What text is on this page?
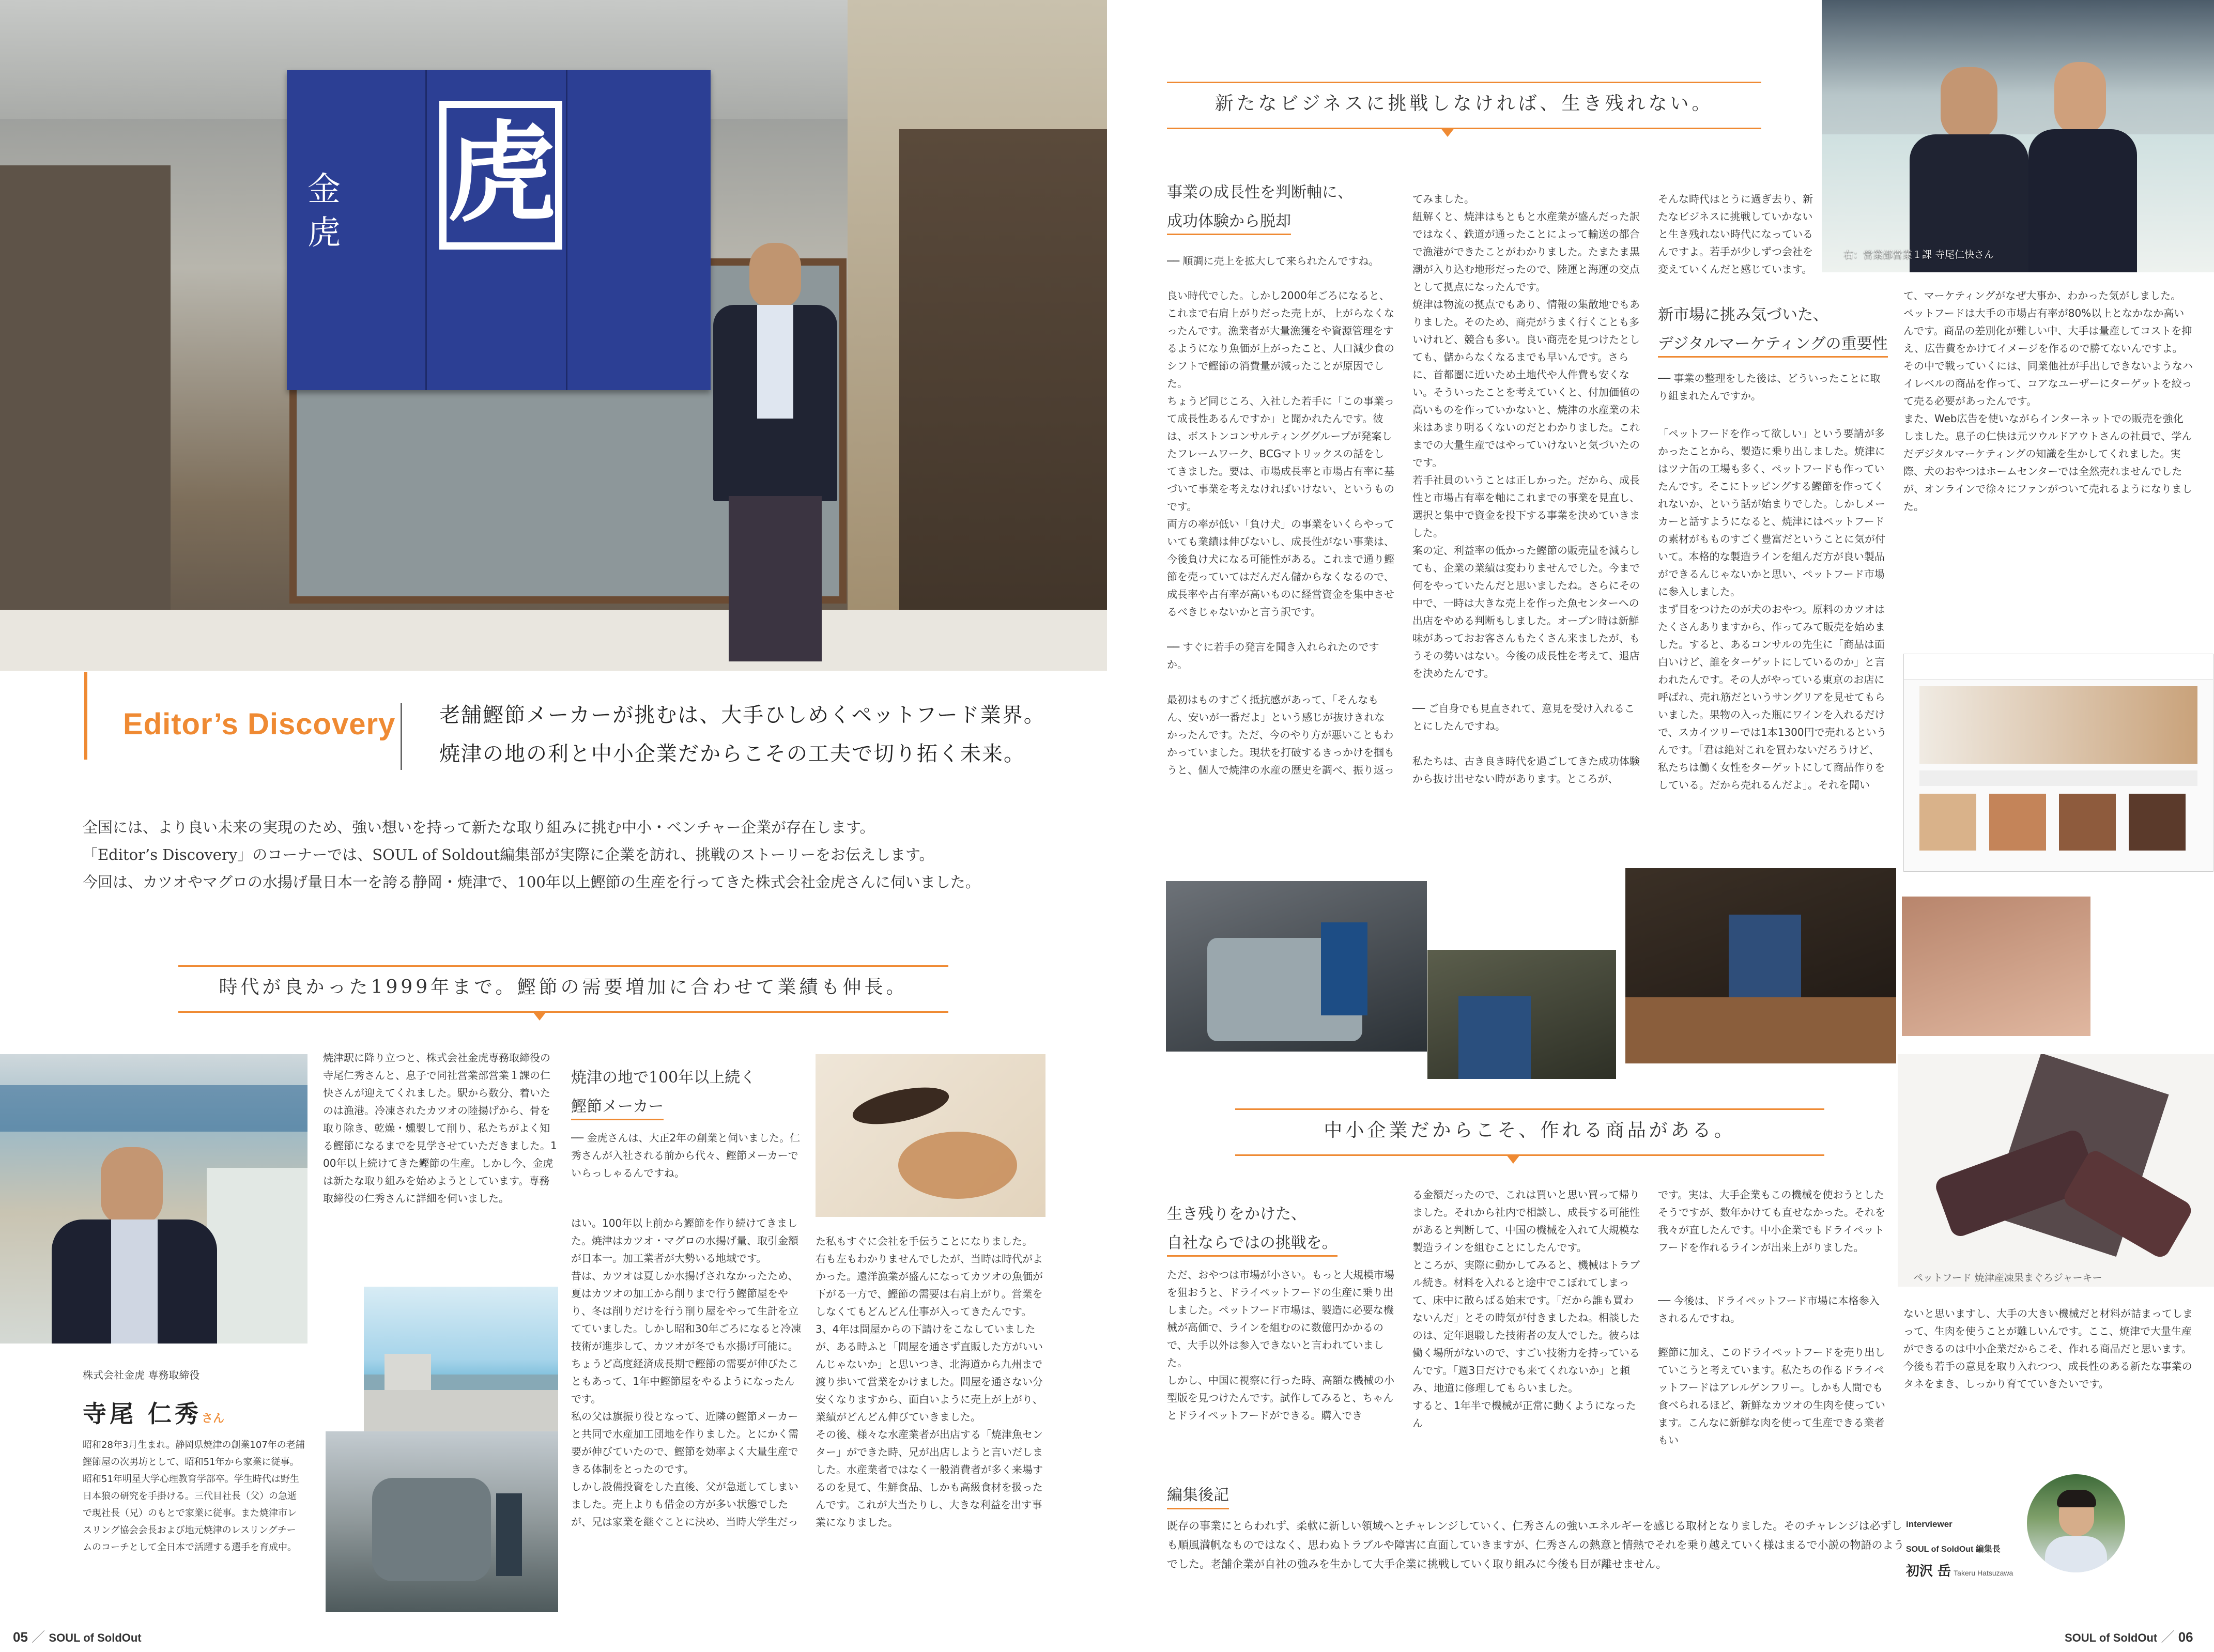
虎
金虎
Editor’s Discovery 老舗鰹節メーカーが挑むは、大手ひしめくペットフード業界。
焼津の地の利と中小企業だからこその工夫で切り拓く未来。
全国には、より良い未来の実現のため、強い想いを持って新たな取り組みに挑む中小・ベンチャー企業が存在します。
「Editor’s Discovery」のコーナーでは、SOUL of Soldout編集部が実際に企業を訪れ、挑戦のストーリーをお伝えします。
今回は、カツオやマグロの水揚げ量日本一を誇る静岡・焼津で、100年以上鰹節の生産を行ってきた株式会社金虎さんに伺いました。
時代が良かった1999年まで。鰹節の需要増加に合わせて業績も伸長。
株式会社金虎 専務取締役
寺尾 仁秀さん
昭和28年3月生まれ。静岡県焼津の創業107年の老舗鰹節屋の次男坊として、昭和51年から家業に従事。昭和51年明星大学心理教育学部卒。学生時代は野生日本狼の研究を手掛ける。三代目社長（父）の急逝で現社長（兄）のもとで家業に従事。また焼津市レスリング協会会長および地元焼津のレスリングチームのコーチとして全日本で活躍する選手を育成中。
焼津駅に降り立つと、株式会社金虎専務取締役の寺尾仁秀さんと、息子で同社営業部営業１課の仁快さんが迎えてくれました。駅から数分、着いたのは漁港。冷凍されたカツオの陸揚げから、骨を取り除き、乾燥・燻製して削り、私たちがよく知る鰹節になるまでを見学させていただきました。100年以上続けてきた鰹節の生産。しかし今、金虎は新たな取り組みを始めようとしています。専務取締役の仁秀さんに詳細を伺いました。
焼津の地で100年以上続く
鰹節メーカー
── 金虎さんは、大正2年の創業と伺いました。仁秀さんが入社される前から代々、鰹節メーカーでいらっしゃるんですね。
はい。100年以上前から鰹節を作り続けてきました。焼津はカツオ・マグロの水揚げ量、取引金額が日本一。加工業者が大勢いる地域です。
昔は、カツオは夏しか水揚げされなかったため、夏はカツオの加工から削りまで行う鰹節屋をやり、冬は削りだけを行う削り屋をやって生計を立てていました。しかし昭和30年ごろになると冷凍技術が進歩して、カツオが冬でも水揚げ可能に。ちょうど高度経済成長期で鰹節の需要が伸びたこともあって、1年中鰹節屋をやるようになったんです。
私の父は旗振り役となって、近隣の鰹節メーカーと共同で水産加工団地を作りました。とにかく需要が伸びていたので、鰹節を効率よく大量生産できる体制をとったのです。
しかし設備投資をした直後、父が急逝してしまいました。売上よりも借金の方が多い状態でしたが、兄は家業を継ぐことに決め、当時大学生だっ
た私もすぐに会社を手伝うことになりました。
右も左もわかりませんでしたが、当時は時代がよかった。遠洋漁業が盛んになってカツオの魚価が下がる一方で、鰹節の需要は右肩上がり。営業をしなくてもどんどん仕事が入ってきたんです。3、4年は問屋からの下請けをこなしていましたが、ある時ふと「問屋を通さず直販した方がいいんじゃないか」と思いつき、北海道から九州まで渡り歩いて営業をかけました。問屋を通さない分安くなりますから、面白いように売上が上がり、業績がどんどん伸びていきました。
その後、様々な水産業者が出店する「焼津魚センター」ができた時、兄が出店しようと言いだしました。水産業者ではなく一般消費者が多く来場するのを見て、生鮮食品、しかも高級食材を扱ったんです。これが大当たりし、大きな利益を出す事業になりました。
05 ／ SOUL of SoldOut
右：営業部営業１課 寺尾仁快さん
新たなビジネスに挑戦しなければ、生き残れない。
事業の成長性を判断軸に、
成功体験から脱却
── 順調に売上を拡大して来られたんですね。
良い時代でした。しかし2000年ごろになると、これまで右肩上がりだった売上が、上がらなくなったんです。漁業者が大量漁獲をや資源管理をするようになり魚価が上がったこと、人口減少食のシフトで鰹節の消費量が減ったことが原因でした。
ちょうど同じころ、入社した若手に「この事業って成長性あるんですか」と聞かれたんです。彼は、ボストンコンサルティンググループが発案したフレームワーク、BCGマトリックスの話をしてきました。要は、市場成長率と市場占有率に基づいて事業を考えなければいけない、というものです。
両方の率が低い「負け犬」の事業をいくらやっていても業績は伸びないし、成長性がない事業は、今後負け犬になる可能性がある。これまで通り鰹節を売っていてはだんだん儲からなくなるので、成長率や占有率が高いものに経営資金を集中させるべきじゃないかと言う訳です。

── すぐに若手の発言を聞き入れられたのですか。

最初はものすごく抵抗感があって、「そんなもん、安いが一番だよ」という感じが抜けきれなかったんです。ただ、今のやり方が悪いこともわかっていました。現状を打破するきっかけを掴もうと、個人で焼津の水産の歴史を調べ、振り返っ
てみました。
紐解くと、焼津はもともと水産業が盛んだった訳ではなく、鉄道が通ったことによって輸送の都合で漁港ができたことがわかりました。たまたま黒潮が入り込む地形だったので、陸運と海運の交点として拠点になったんです。
焼津は物流の拠点でもあり、情報の集散地でもありました。そのため、商売がうまく行くことも多いけれど、競合も多い。良い商売を見つけたとしても、儲からなくなるまでも早いんです。さらに、首都圏に近いため土地代や人件費も安くない。そういったことを考えていくと、付加価値の高いものを作っていかないと、焼津の水産業の未来はあまり明るくないのだとわかりました。これまでの大量生産ではやっていけないと気づいたのです。
若手社員のいうことは正しかった。だから、成長性と市場占有率を軸にこれまでの事業を見直し、選択と集中で資金を投下する事業を決めていきました。
案の定、利益率の低かった鰹節の販売量を減らしても、企業の業績は変わりませんでした。今まで何をやっていたんだと思いましたね。さらにその中で、一時は大きな売上を作った魚センターへの出店をやめる判断もしました。オープン時は新鮮味があっておお客さんもたくさん来ましたが、もうその勢いはない。今後の成長性を考えて、退店を決めたんです。

── ご自身でも見直されて、意見を受け入れることにしたんですね。

私たちは、古き良き時代を過ごしてきた成功体験から抜け出せない時があります。ところが、
そんな時代はとうに過ぎ去り、新たなビジネスに挑戦していかないと生き残れない時代になっているんですよ。若手が少しずつ会社を変えていくんだと感じています。
新市場に挑み気づいた、
デジタルマーケティングの重要性
── 事業の整理をした後は、どういったことに取り組まれたんですか。
「ペットフードを作って欲しい」という要請が多かったことから、製造に乗り出しました。焼津にはツナ缶の工場も多く、ペットフードも作っていたんです。そこにトッピングする鰹節を作ってくれないか、という話が始まりでした。しかしメーカーと話すようになると、焼津にはペットフードの素材がもものすごく豊富だということに気が付いて。本格的な製造ラインを組んだ方が良い製品ができるんじゃないかと思い、ペットフード市場に参入しました。
まず目をつけたのが犬のおやつ。原料のカツオはたくさんありますから、作ってみて販売を始めました。すると、あるコンサルの先生に「商品は面白いけど、誰をターゲットにしているのか」と言われたんです。その人がやっている東京のお店に呼ばれ、売れ筋だというサングリアを見せてもらいました。果物の入った瓶にワインを入れるだけで、スカイツリーでは1本1300円で売れるというんです。「君は絶対これを買わないだろうけど、私たちは働く女性をターゲットにして商品作りをしている。だから売れるんだよ」。それを聞い
て、マーケティングがなぜ大事か、わかった気がしました。
ペットフードは大手の市場占有率が80%以上となかなか高いんです。商品の差別化が難しい中、大手は量産してコストを抑え、広告費をかけてイメージを作るので勝てないんですよ。その中で戦っていくには、同業他社が手出しできないようなハイレベルの商品を作って、コアなユーザーにターゲットを絞って売る必要があったんです。
また、Web広告を使いながらインターネットでの販売を強化しました。息子の仁快は元ツウルドアウトさんの社員で、学んだデジタルマーケティングの知識を生かしてくれました。実際、犬のおやつはホームセンターでは全然売れませんでしたが、オンラインで徐々にファンがついて売れるようになりました。
中小企業だからこそ、作れる商品がある。
ペットフード 焼津産凍果まぐろジャーキー
生き残りをかけた、
自社ならではの挑戦を。
ただ、おやつは市場が小さい。もっと大規模市場を狙おうと、ドライペットフードの生産に乗り出しました。ペットフード市場は、製造に必要な機械が高価で、ラインを組むのに数億円かかるので、大手以外は参入できないと言われていました。
しかし、中国に視察に行った時、高額な機械の小型版を見つけたんです。試作してみると、ちゃんとドライペットフードができる。購入でき
る金額だったので、これは買いと思い買って帰りました。それから社内で相談し、成長する可能性があると判断して、中国の機械を入れて大規模な製造ラインを組むことにしたんです。
ところが、実際に動かしてみると、機械はトラブル続き。材料を入れると途中でこぼれてしまって、床中に散らばる始末です。「だから誰も買わないんだ」とその時気が付きましたね。相談したのは、定年退職した技術者の友人でした。彼らは働く場所がないので、すごい技術力を持っているんです。「週3日だけでも来てくれないか」と頼み、地道に修理してもらいました。
すると、1年半で機械が正常に動くようになったん
です。実は、大手企業もこの機械を使おうとしたそうですが、数年かけても直せなかった。それを我々が直したんです。中小企業でもドライペットフードを作れるラインが出来上がりました。
── 今後は、ドライペットフード市場に本格参入されるんですね。
鰹節に加え、このドライペットフードを売り出していこうと考えています。私たちの作るドライペットフードはアレルゲンフリー。しかも人間でも食べられるほど、新鮮なカツオの生肉を使っています。こんなに新鮮な肉を使って生産できる業者もい
ないと思いますし、大手の大きい機械だと材料が詰まってしまって、生肉を使うことが難しいんです。ここ、焼津で大量生産ができるのは中小企業だからこそ、作れる商品だと思います。今後も若手の意見を取り入れつつ、成長性のある新たな事業のタネをまき、しっかり育てていきたいです。
編集後記
既存の事業にとらわれず、柔軟に新しい領域へとチャレンジしていく、仁秀さんの強いエネルギーを感じる取材となりました。そのチャレンジは必ずしも順風満帆なものではなく、思わぬトラブルや障害に直面していきますが、仁秀さんの熱意と情熱でそれを乗り越えていく様はまるで小説の物語のようでした。老舗企業が自社の強みを生かして大手企業に挑戦していく取り組みに今後も目が離せません。
interviewer
SOUL of SoldOut 編集長
初沢 岳 Takeru Hatsuzawa
SOUL of SoldOut ／ 06
